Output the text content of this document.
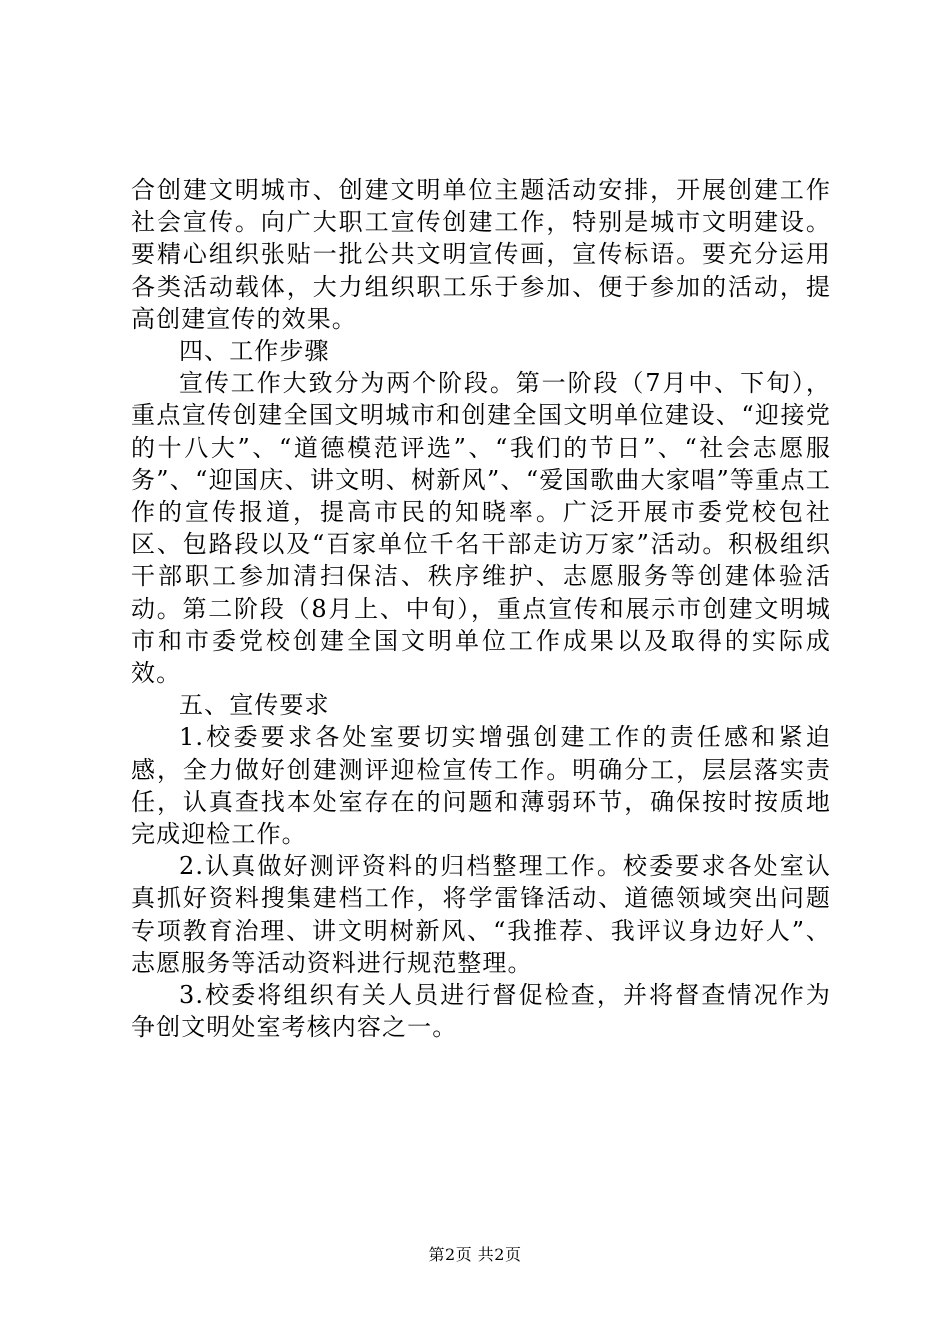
合创建文明城市、创建文明单位主题活动安排，开展创建工作社会宣传。向广大职工宣传创建工作，特别是城市文明建设。要精心组织张贴一批公共文明宣传画，宣传标语。要充分运用各类活动载体，大力组织职工乐于参加、便于参加的活动，提高创建宣传的效果。

四、工作步骤

宣传工作大致分为两个阶段。第一阶段（7月中、下旬），重点宣传创建全国文明城市和创建全国文明单位建设、“迎接党的十八大”、“道德模范评选”、“我们的节日”、“社会志愿服务”、“迎国庆、讲文明、树新风”、“爱国歌曲大家唱”等重点工作的宣传报道，提高市民的知晓率。广泛开展市委党校包社区、包路段以及“百家单位千名干部走访万家”活动。积极组织干部职工参加清扫保洁、秩序维护、志愿服务等创建体验活动。第二阶段（8月上、中旬），重点宣传和展示市创建文明城市和市委党校创建全国文明单位工作成果以及取得的实际成效。

五、宣传要求

1.校委要求各处室要切实增强创建工作的责任感和紧迫感，全力做好创建测评迎检宣传工作。明确分工，层层落实责任，认真查找本处室存在的问题和薄弱环节，确保按时按质地完成迎检工作。

2.认真做好测评资料的归档整理工作。校委要求各处室认真抓好资料搜集建档工作，将学雷锋活动、道德领域突出问题专项教育治理、讲文明树新风、“我推荐、我评议身边好人”、志愿服务等活动资料进行规范整理。

3.校委将组织有关人员进行督促检查，并将督查情况作为争创文明处室考核内容之一。

第2页 共2页
